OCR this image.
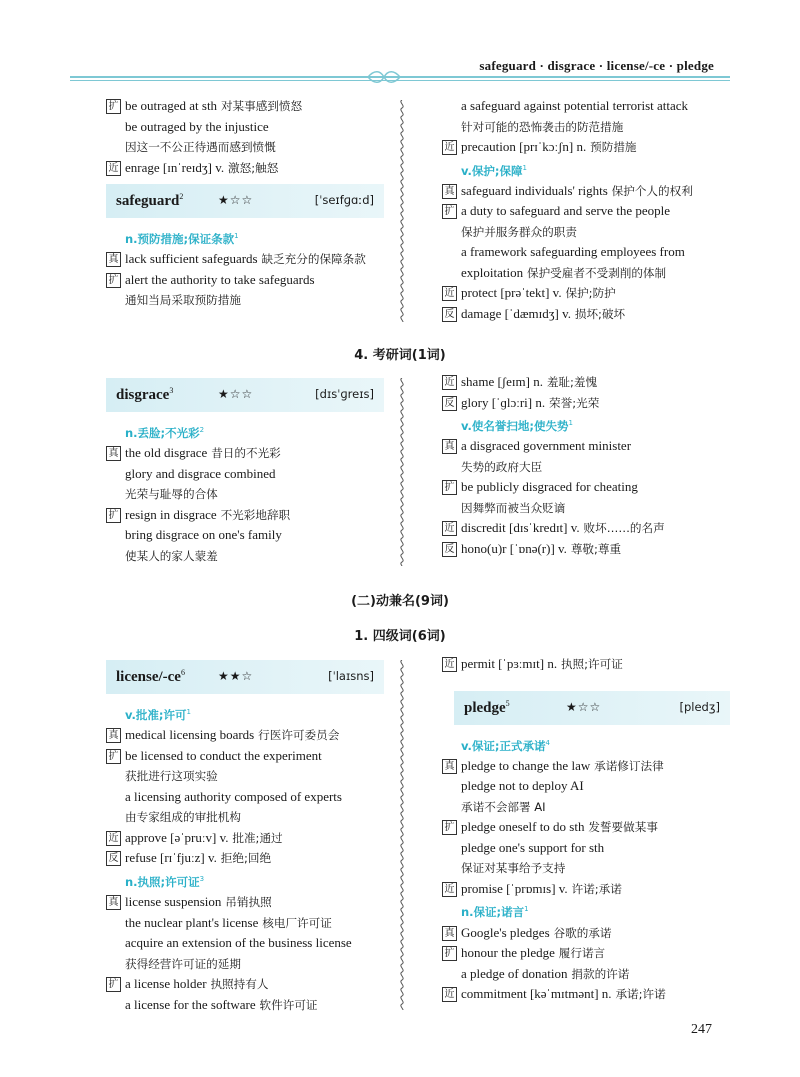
safeguard · disgrace · license/-ce · pledge
扩 be outraged at sth 对某事感到愤怒
be outraged by the injustice
因这一不公正待遇而感到愤慨
近 enrage [ɪnˈreɪdʒ] v. 激怒;触怒
safeguard$^2$	★☆☆	[ˈseɪfɡɑːd]
n.预防措施;保证条款$^1$
真 lack sufficient safeguards 缺乏充分的保障条款
扩 alert the authority to take safeguards
通知当局采取预防措施
a safeguard against potential terrorist attack
针对可能的恐怖袭击的防范措施
近 precaution [prɪˈkɔːʃn] n. 预防措施
v.保护;保障$^1$
真 safeguard individuals' rights 保护个人的权利
扩 a duty to safeguard and serve the people
保护并服务群众的职责
a framework safeguarding employees from
exploitation 保护受雇者不受剥削的体制
近 protect [prəˈtekt] v. 保护;防护
反 damage [ˈdæmɪdʒ] v. 损坏;破坏
4. 考研词(1词)
disgrace$^3$	★☆☆	[dɪsˈɡreɪs]
n.丢脸;不光彩$^2$
真 the old disgrace 昔日的不光彩
glory and disgrace combined
光荣与耻辱的合体
扩 resign in disgrace 不光彩地辞职
bring disgrace on one's family
使某人的家人蒙羞
近 shame [ʃeɪm] n. 羞耻;羞愧
反 glory [ˈɡlɔːri] n. 荣誉;光荣
v.使名誉扫地;使失势$^1$
真 a disgraced government minister
失势的政府大臣
扩 be publicly disgraced for cheating
因舞弊而被当众贬谪
近 discredit [dɪsˈkredɪt] v. 败坏……的名声
反 hono(u)r [ˈɒnə(r)] v. 尊敬;尊重
(二)动兼名(9词)
1. 四级词(6词)
license/$-ce^6$	★★☆	[ˈlaɪsns]
v.批准;许可$^1$
真 medical licensing boards 行医许可委员会
扩 be licensed to conduct the experiment
获批进行这项实验
a licensing authority composed of experts
由专家组成的审批机构
近 approve [əˈpruːv] v. 批准;通过
反 refuse [rɪˈfjuːz] v. 拒绝;回绝
n.执照;许可证$^3$
真 license suspension 吊销执照
the nuclear plant's license 核电厂许可证
acquire an extension of the business license
获得经营许可证的延期
扩 a license holder 执照持有人
a license for the software 软件许可证
近 permit [ˈpɜːmɪt] n. 执照;许可证
pledge$^5$	★☆☆	[pledʒ]
v.保证;正式承诺$^4$
真 pledge to change the law 承诺修订法律
pledge not to deploy AI
承诺不会部署 AI
扩 pledge oneself to do sth 发誓要做某事
pledge one's support for sth
保证对某事给予支持
近 promise [ˈprɒmɪs] v. 许诺;承诺
n.保证;诺言$^1$
真 Google's pledges 谷歌的承诺
扩 honour the pledge 履行诺言
a pledge of donation 捐款的许诺
近 commitment [kəˈmɪtmənt] n. 承诺;许诺
247
